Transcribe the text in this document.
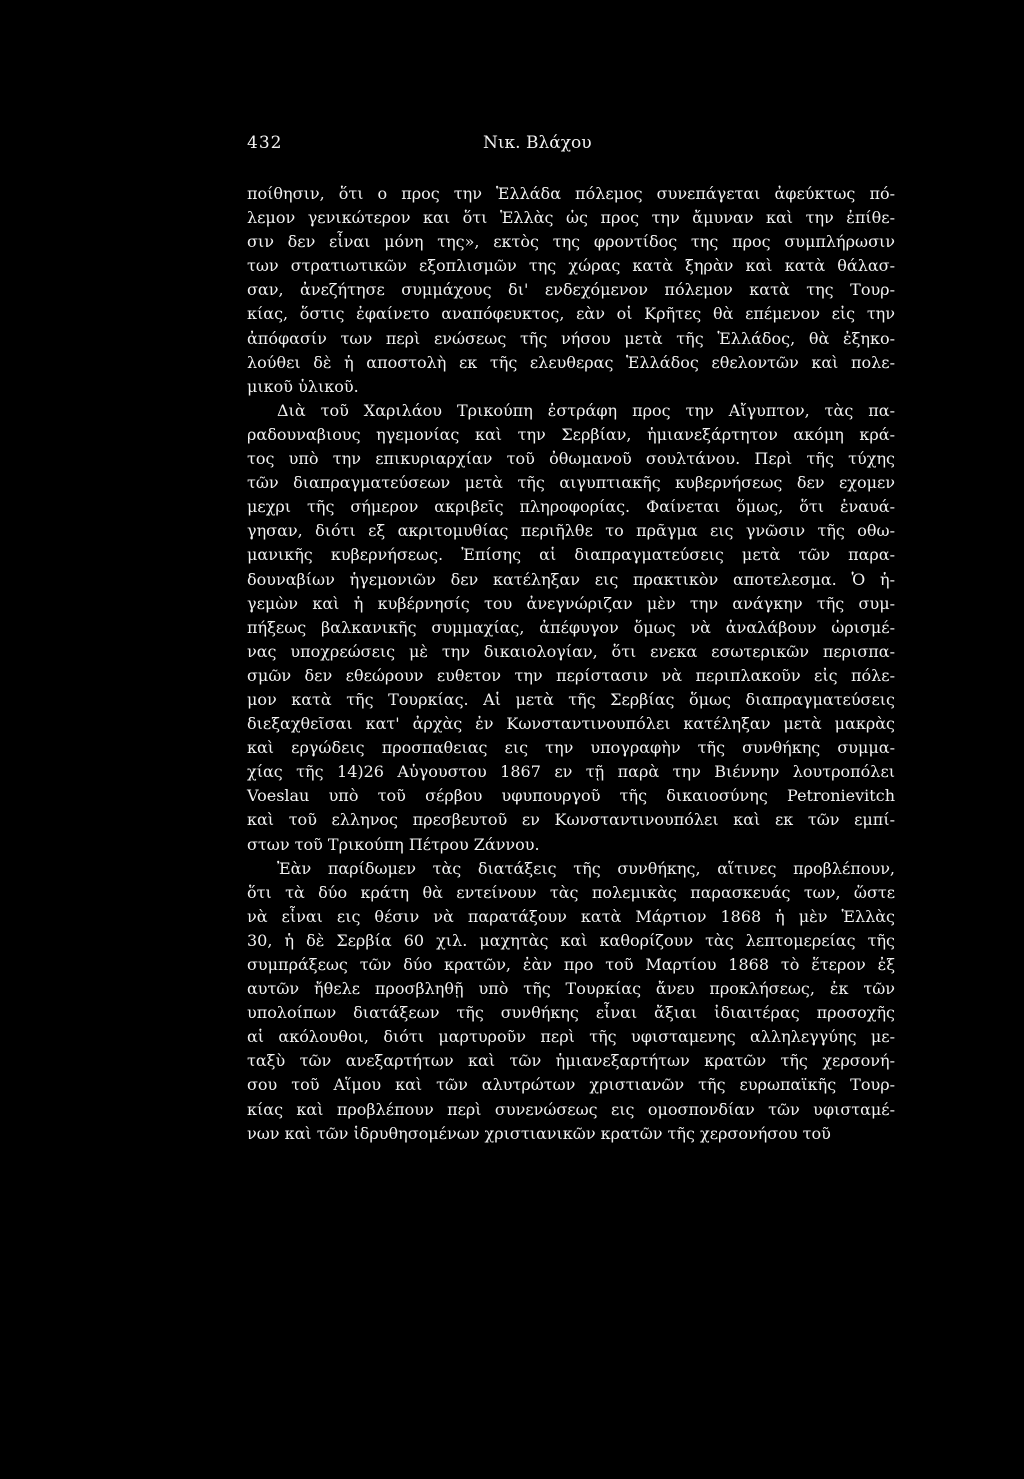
432	Νικ. Βλάχου
ποίθησιν, ὅτι ο προς την Ἑλλάδα πόλεμος συνεπάγεται ἀφεύκτως πό-
λεμον γενικώτερον και ὅτι Ἑλλὰς ὡς προς την ἄμυναν καὶ την ἐπίθε-
σιν δεν εἶναι μόνη της», εκτὸς της φροντίδος της προς συμπλήρωσιν
των στρατιωτικῶν εξοπλισμῶν της χώρας κατὰ ξηρὰν καὶ κατὰ θάλασ-
σαν, ἀνεζήτησε συμμάχους δι' ενδεχόμενον πόλεμον κατὰ της Τουρ-
κίας, ὅστις ἐφαίνετο αναπόφευκτος, εὰν οἱ Κρῆτες θὰ επέμενον εἰς την
ἀπόφασίν των περὶ ενώσεως τῆς νήσου μετὰ τῆς Ἑλλάδος, θὰ ἐξηκο-
λούθει δὲ ἡ αποστολὴ εκ τῆς ελευθερας Ἑλλάδος εθελοντῶν καὶ πολε-
μικοῦ ὑλικοῦ.
Διὰ τοῦ Χαριλάου Τρικούπη ἐστράφη προς την Αἴγυπτον, τὰς πα-
ραδουναβιους ηγεμονίας καὶ την Σερβίαν, ἡμιανεξάρτητον ακόμη κρά-
τος υπὸ την επικυριαρχίαν τοῦ ὀθωμανοῦ σουλτάνου. Περὶ τῆς τύχης
τῶν διαπραγματεύσεων μετὰ τῆς αιγυπτιακῆς κυβερνήσεως δεν εχομεν
μεχρι τῆς σήμερον ακριβεῖς πληροφορίας. Φαίνεται ὅμως, ὅτι ἐναυά-
γησαν, διότι εξ ακριτομυθίας περιῆλθε το πρᾶγμα εις γνῶσιν τῆς οθω-
μανικῆς κυβερνήσεως. Ἐπίσης αἱ διαπραγματεύσεις μετὰ τῶν παρα-
δουναβίων ἡγεμονιῶν δεν κατέληξαν εις πρακτικὸν αποτελεσμα. Ὁ ἡ-
γεμὼν καὶ ἡ κυβέρνησίς του ἀνεγνώριζαν μὲν την ανάγκην τῆς συμ-
πήξεως βαλκανικῆς συμμαχίας, ἀπέφυγον ὅμως νὰ ἀναλάβουν ὡρισμέ-
νας υποχρεώσεις μὲ την δικαιολογίαν, ὅτι ενεκα εσωτερικῶν περισπα-
σμῶν δεν εθεώρουν ευθετον την περίστασιν νὰ περιπλακοῦν εἰς πόλε-
μον κατὰ τῆς Τουρκίας. Αἱ μετὰ τῆς Σερβίας ὅμως διαπραγματεύσεις
διεξαχθεῖσαι κατ' ἀρχὰς ἐν Κωνσταντινουπόλει κατέληξαν μετὰ μακρὰς
καὶ εργώδεις προσπαθειας εις την υπογραφὴν τῆς συνθήκης συμμα-
χίας τῆς 14)26 Αὐγουστου 1867 εν τῇ παρὰ την Βιέννην λουτροπόλει
Voeslau υπὸ τοῦ σέρβου υφυπουργοῦ τῆς δικαιοσύνης Petronievitch
καὶ τοῦ ελληνος πρεσβευτοῦ εν Κωνσταντινουπόλει καὶ εκ τῶν εμπί-
στων τοῦ Τρικούπη Πέτρου Ζάννου.
Ἐὰν παρίδωμεν τὰς διατάξεις τῆς συνθήκης, αἵτινες προβλέπουν,
ὅτι τὰ δύο κράτη θὰ εντείνουν τὰς πολεμικὰς παρασκευάς των, ὥστε
νὰ εἶναι εις θέσιν νὰ παρατάξουν κατὰ Μάρτιον 1868 ἡ μὲν Ἑλλὰς
30, ἡ δὲ Σερβία 60 χιλ. μαχητὰς καὶ καθορίζουν τὰς λεπτομερείας τῆς
συμπράξεως τῶν δύο κρατῶν, ἐὰν προ τοῦ Μαρτίου 1868 τὸ ἕτερον ἐξ
αυτῶν ἤθελε προσβληθῇ υπὸ τῆς Τουρκίας ἄνευ προκλήσεως, ἐκ τῶν
υπολοίπων διατάξεων τῆς συνθήκης εἶναι ἄξιαι ἰδιαιτέρας προσοχῆς
αἱ ακόλουθοι, διότι μαρτυροῦν περὶ τῆς υφισταμενης αλληλεγγύης με-
ταξὺ τῶν ανεξαρτήτων καὶ τῶν ἡμιανεξαρτήτων κρατῶν τῆς χερσονή-
σου τοῦ Αἵμου καὶ τῶν αλυτρώτων χριστιανῶν τῆς ευρωπαϊκῆς Τουρ-
κίας καὶ προβλέπουν περὶ συνενώσεως εις ομοσπονδίαν τῶν υφισταμέ-
νων καὶ τῶν ἱδρυθησομένων χριστιανικῶν κρατῶν τῆς χερσονήσου τοῦ
